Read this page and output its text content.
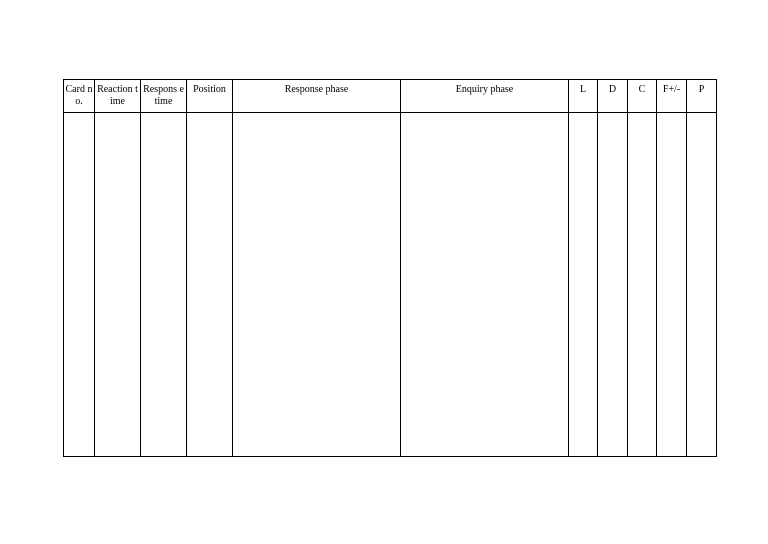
Card no.	Reaction time	Respons e time	Position	Response phase	Enquiry phase	L	D	C	F+/-	P
